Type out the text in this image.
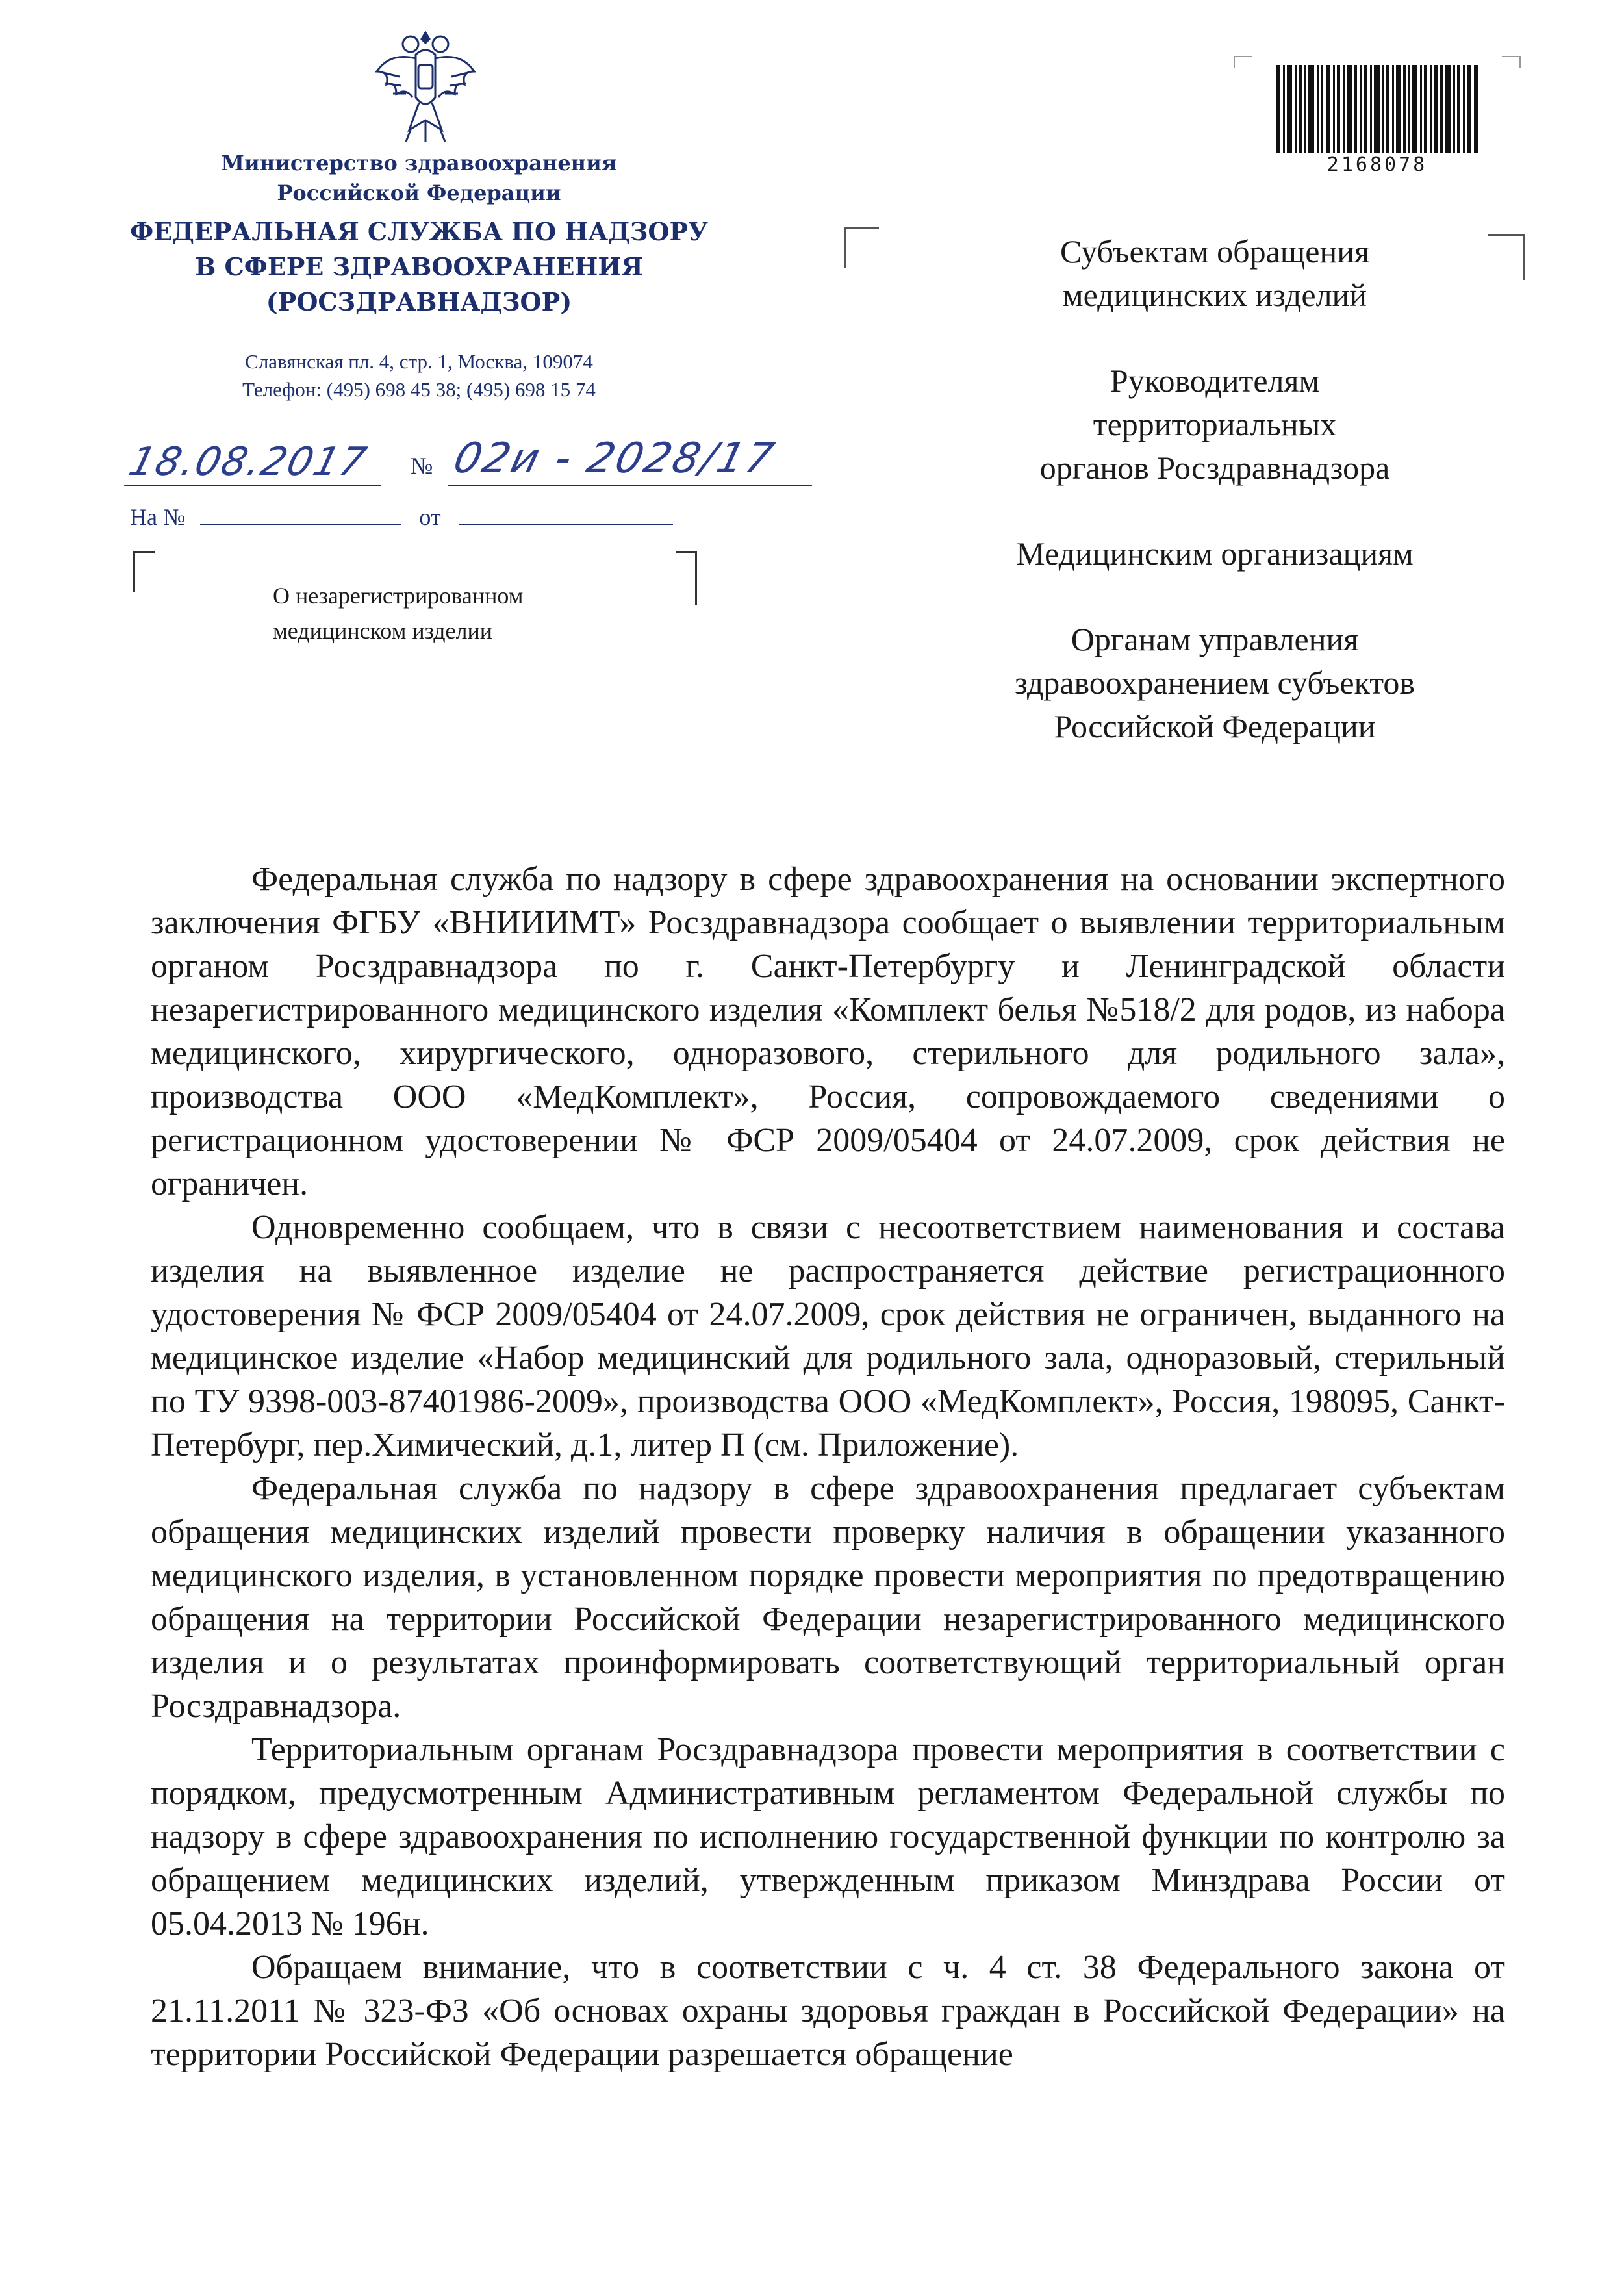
Министерство здравоохранения
Российской Федерации
ФЕДЕРАЛЬНАЯ СЛУЖБА ПО НАДЗОРУ
В СФЕРЕ ЗДРАВООХРАНЕНИЯ
(РОСЗДРАВНАДЗОР)
Славянская пл. 4, стр. 1, Москва, 109074
Телефон: (495) 698 45 38; (495) 698 15 74
18.08.2017	№ 02и - 2028/17
На №	от
О незарегистрированном
медицинском изделии
2168078

Субъектам обращения
медицинских изделий

Руководителям
территориальных
органов Росздравнадзора

Медицинским организациям

Органам управления
здравоохранением субъектов
Российской Федерации

Федеральная служба по надзору в сфере здравоохранения на основании экспертного заключения ФГБУ «ВНИИИМТ» Росздравнадзора сообщает о выявлении территориальным органом Росздравнадзора по г. Санкт-Петербургу и Ленинградской области незарегистрированного медицинского изделия «Комплект белья №518/2 для родов, из набора медицинского, хирургического, одноразового, стерильного для родильного зала», производства ООО «МедКомплект», Россия, сопровождаемого сведениями о регистрационном удостоверении № ФСР 2009/05404 от 24.07.2009, срок действия не ограничен.

Одновременно сообщаем, что в связи с несоответствием наименования и состава изделия на выявленное изделие не распространяется действие регистрационного удостоверения № ФСР 2009/05404 от 24.07.2009, срок действия не ограничен, выданного на медицинское изделие «Набор медицинский для родильного зала, одноразовый, стерильный по ТУ 9398-003-87401986-2009», производства ООО «МедКомплект», Россия, 198095, Санкт-Петербург, пер.Химический, д.1, литер П (см. Приложение).

Федеральная служба по надзору в сфере здравоохранения предлагает субъектам обращения медицинских изделий провести проверку наличия в обращении указанного медицинского изделия, в установленном порядке провести мероприятия по предотвращению обращения на территории Российской Федерации незарегистрированного медицинского изделия и о результатах проинформировать соответствующий территориальный орган Росздравнадзора.

Территориальным органам Росздравнадзора провести мероприятия в соответствии с порядком, предусмотренным Административным регламентом Федеральной службы по надзору в сфере здравоохранения по исполнению государственной функции по контролю за обращением медицинских изделий, утвержденным приказом Минздрава России от 05.04.2013 № 196н.

Обращаем внимание, что в соответствии с ч. 4 ст. 38 Федерального закона от 21.11.2011 № 323-ФЗ «Об основах охраны здоровья граждан в Российской Федерации» на территории Российской Федерации разрешается обращение
